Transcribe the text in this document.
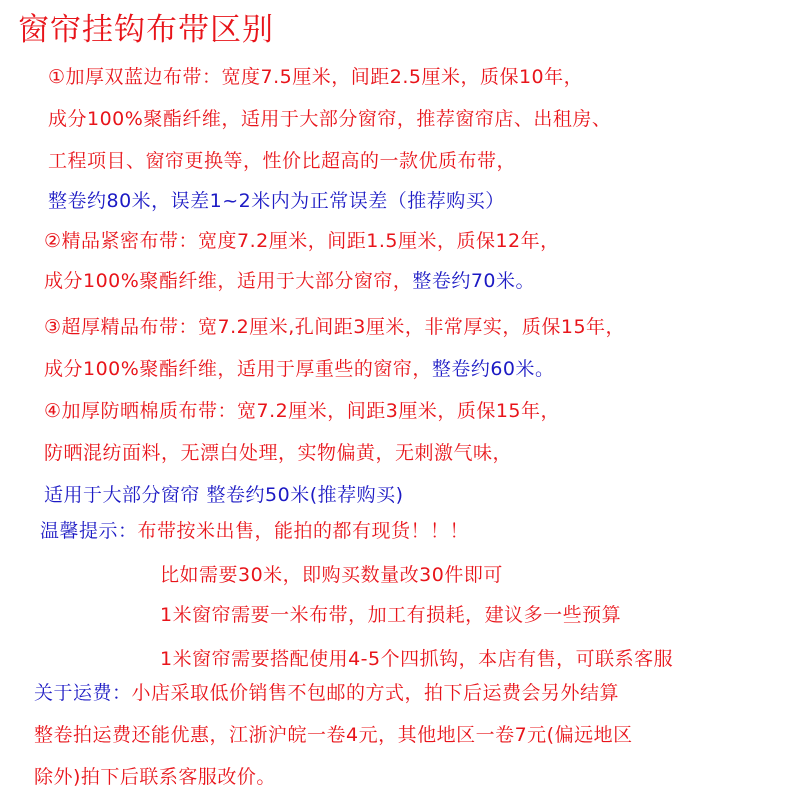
窗帘挂钩布带区别
①加厚双蓝边布带：宽度7.5厘米，间距2.5厘米，质保10年，
成分100%聚酯纤维，适用于大部分窗帘，推荐窗帘店、出租房、
工程项目、窗帘更换等，性价比超高的一款优质布带，
整卷约80米，误差1~2米内为正常误差（推荐购买）
②精品紧密布带：宽度7.2厘米，间距1.5厘米，质保12年，
成分100%聚酯纤维，适用于大部分窗帘，整卷约70米。
③超厚精品布带：宽7.2厘米,孔间距3厘米，非常厚实，质保15年，
成分100%聚酯纤维，适用于厚重些的窗帘，整卷约60米。
④加厚防晒棉质布带：宽7.2厘米，间距3厘米，质保15年，
防晒混纺面料，无漂白处理，实物偏黄，无刺激气味，
适用于大部分窗帘 整卷约50米(推荐购买)
温馨提示：布带按米出售，能拍的都有现货！！！
比如需要30米，即购买数量改30件即可
1米窗帘需要一米布带，加工有损耗，建议多一些预算
1米窗帘需要搭配使用4-5个四抓钩，本店有售，可联系客服
关于运费：小店采取低价销售不包邮的方式，拍下后运费会另外结算
整卷拍运费还能优惠，江浙沪皖一卷4元，其他地区一卷7元(偏远地区
除外)拍下后联系客服改价。
